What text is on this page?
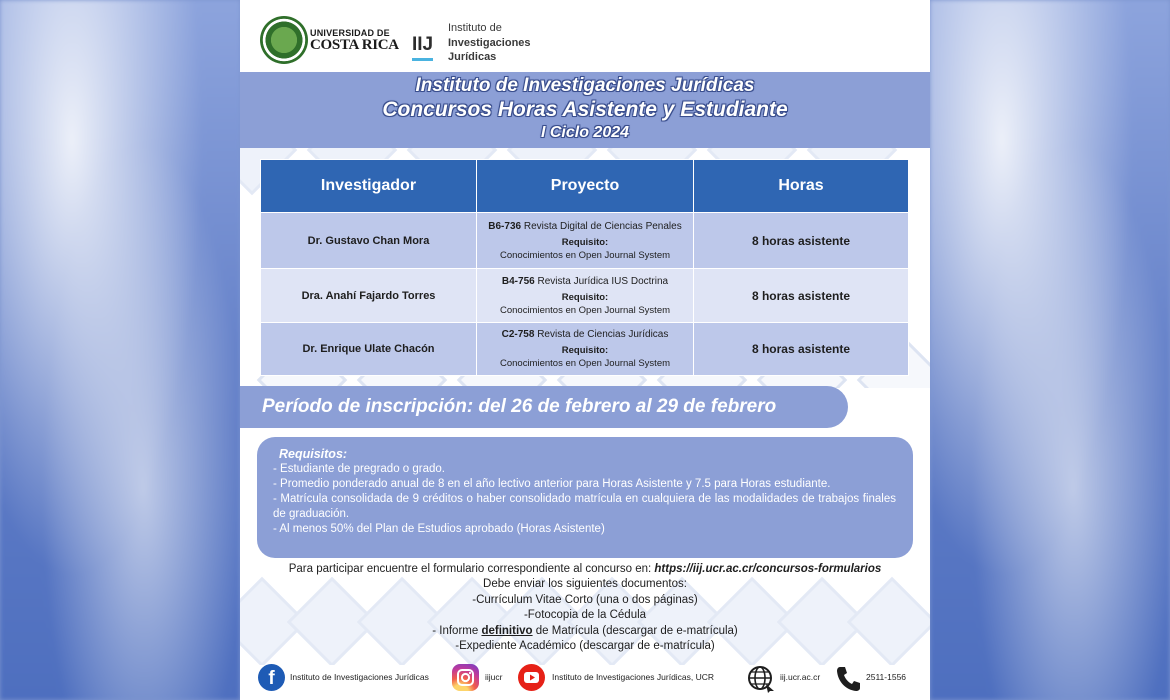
UNIVERSIDAD DE
COSTA RICA IIJ
Instituto de
Investigaciones
Jurídicas
Instituto de Investigaciones Jurídicas
Concursos Horas Asistente y Estudiante
I Ciclo 2024
Investigador	Proyecto	Horas
Dr. Gustavo Chan Mora	B6-736 Revista Digital de Ciencias Penales
Requisito:
Conocimientos en Open Journal System	8 horas asistente
Dra. Anahí Fajardo Torres	B4-756 Revista Jurídica IUS Doctrina
Requisito:
Conocimientos en Open Journal System	8 horas asistente
Dr. Enrique Ulate Chacón	C2-758 Revista de Ciencias Jurídicas
Requisito:
Conocimientos en Open Journal System	8 horas asistente
Período de inscripción: del 26 de febrero al 29 de febrero
Requisitos:
- Estudiante de pregrado o grado.
- Promedio ponderado anual de 8 en el año lectivo anterior para Horas Asistente y 7.5 para Horas estudiante.
- Matrícula consolidada de 9 créditos o haber consolidado matrícula en cualquiera de las modalidades de trabajos finales de graduación.
- Al menos 50% del Plan de Estudios aprobado (Horas Asistente)
Para participar encuentre el formulario correspondiente al concurso en: https://iij.ucr.ac.cr/concursos-formularios
Debe enviar los siguientes documentos:
-Currículum Vitae Corto (una o dos páginas)
-Fotocopia de la Cédula
- Informe definitivo de Matrícula (descargar de e-matrícula)
-Expediente Académico (descargar de e-matrícula)
f	Instituto de Investigaciones Jurídicas	iijucr	Instituto de Investigaciones Jurídicas, UCR	iij.ucr.ac.cr	2511-1556
